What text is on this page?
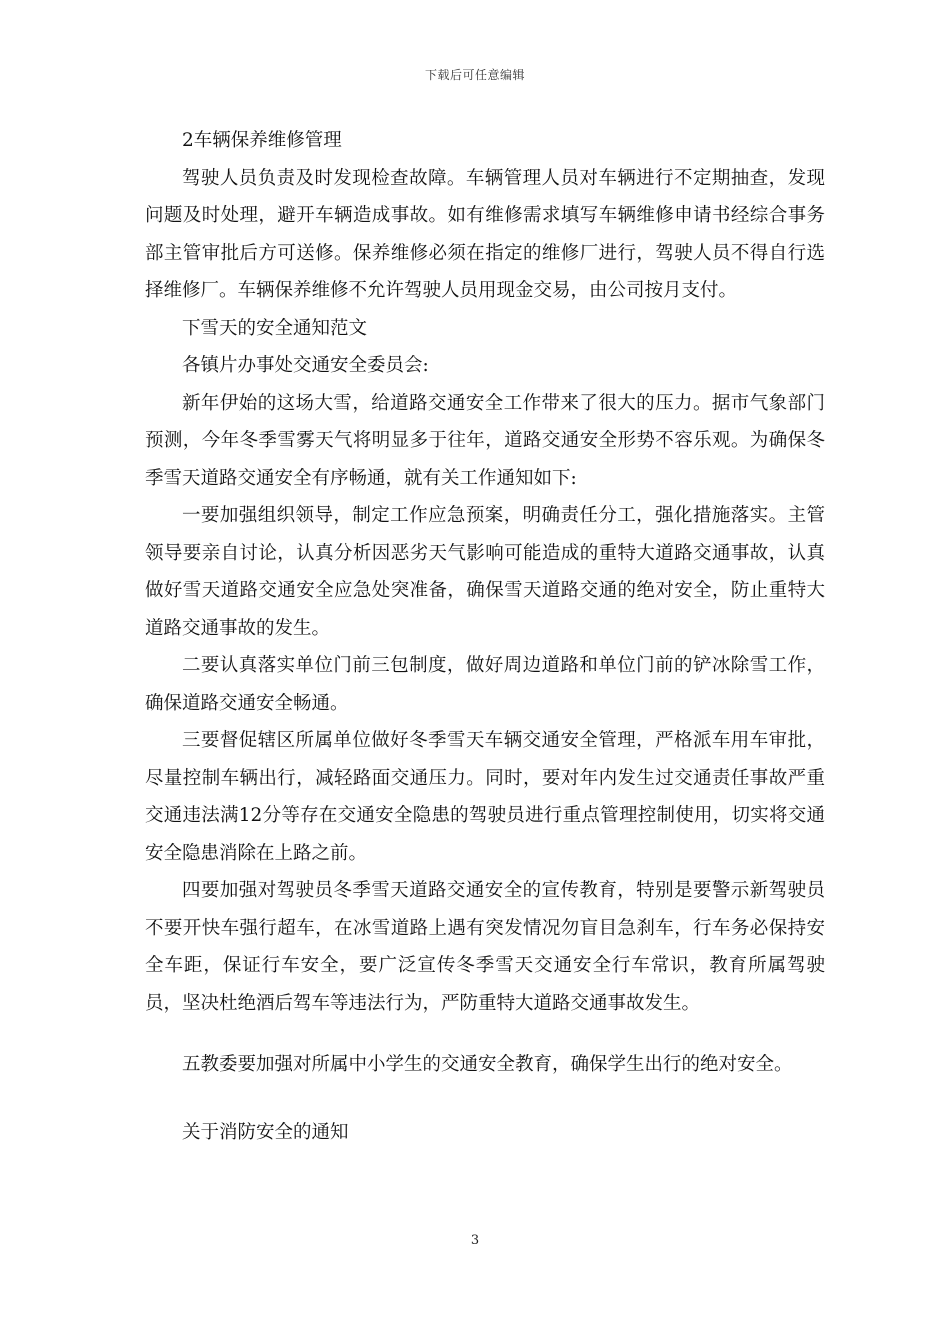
下载后可任意编辑

2车辆保养维修管理

驾驶人员负责及时发现检查故障。车辆管理人员对车辆进行不定期抽查，发现问题及时处理，避开车辆造成事故。如有维修需求填写车辆维修申请书经综合事务部主管审批后方可送修。保养维修必须在指定的维修厂进行，驾驶人员不得自行选择维修厂。车辆保养维修不允许驾驶人员用现金交易，由公司按月支付。

下雪天的安全通知范文

各镇片办事处交通安全委员会:

新年伊始的这场大雪，给道路交通安全工作带来了很大的压力。据市气象部门预测，今年冬季雪雾天气将明显多于往年，道路交通安全形势不容乐观。为确保冬季雪天道路交通安全有序畅通，就有关工作通知如下:

一要加强组织领导，制定工作应急预案，明确责任分工，强化措施落实。主管领导要亲自讨论，认真分析因恶劣天气影响可能造成的重特大道路交通事故，认真做好雪天道路交通安全应急处突准备，确保雪天道路交通的绝对安全，防止重特大道路交通事故的发生。

二要认真落实单位门前三包制度，做好周边道路和单位门前的铲冰除雪工作，确保道路交通安全畅通。

三要督促辖区所属单位做好冬季雪天车辆交通安全管理，严格派车用车审批，尽量控制车辆出行，减轻路面交通压力。同时，要对年内发生过交通责任事故严重交通违法满12分等存在交通安全隐患的驾驶员进行重点管理控制使用，切实将交通安全隐患消除在上路之前。

四要加强对驾驶员冬季雪天道路交通安全的宣传教育，特别是要警示新驾驶员不要开快车强行超车，在冰雪道路上遇有突发情况勿盲目急刹车，行车务必保持安全车距，保证行车安全，要广泛宣传冬季雪天交通安全行车常识，教育所属驾驶员，坚决杜绝酒后驾车等违法行为，严防重特大道路交通事故发生。

五教委要加强对所属中小学生的交通安全教育，确保学生出行的绝对安全。

关于消防安全的通知

3
